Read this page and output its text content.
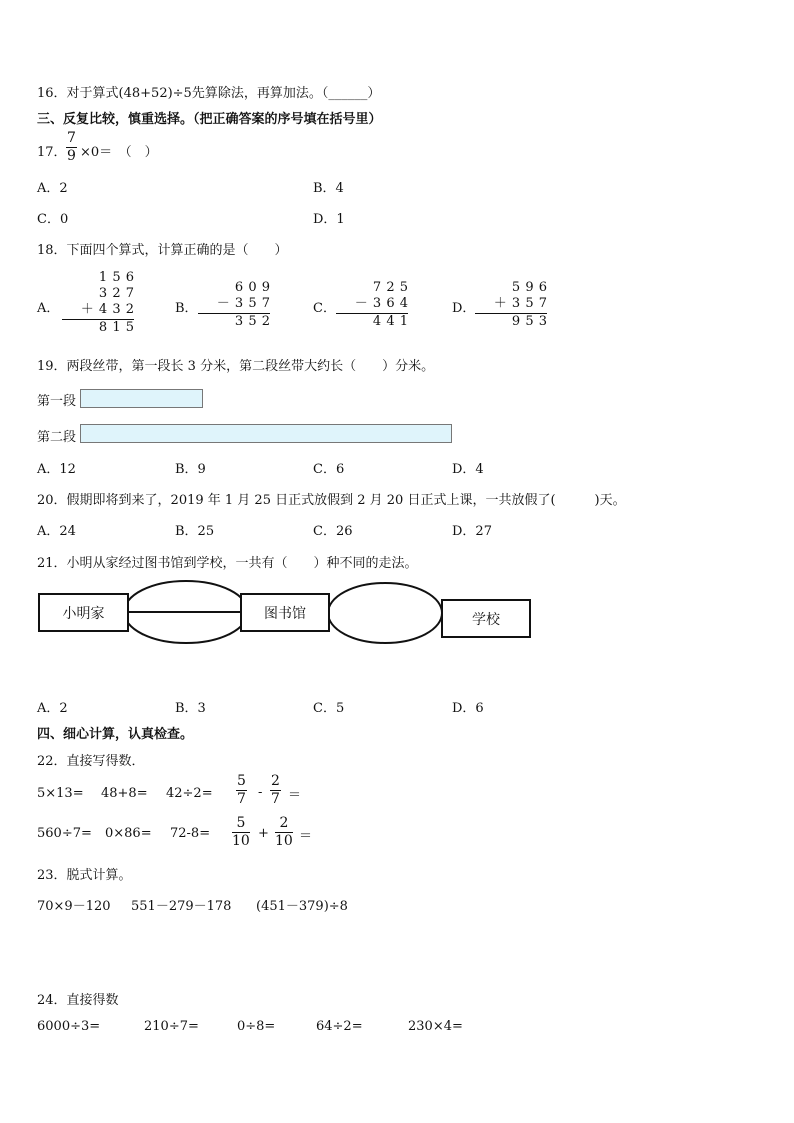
16．对于算式(48+52)÷5先算除法，再算加法。（______）
三、反复比较，慎重选择。（把正确答案的序号填在括号里）
17． $\frac{7}{9} \times 0=$　（　）
A．2	B．4
C．0	D．1
18．下面四个算式，计算正确的是（　　）
A．
1 5 6
3 2 7
＋ 4 3 2
8 1 5
B．
6 0 9
－ 3 5 7
3 5 2
C．
7 2 5
－ 3 6 4
4 4 1
D．
5 9 6
＋ 3 5 7
9 5 3
19．两段丝带，第一段长 3 分米，第二段丝带大约长（　　）分米。
第一段
第二段
A．12	B．9	C．6	D．4
20．假期即将到来了，2019 年 1 月 25 日正式放假到 2 月 20 日正式上课，一共放假了(　　　)天。
A．24	B．25	C．26	D．27
21．小明从家经过图书馆到学校，一共有（　　）种不同的走法。
小明家	图书馆	学校
A．2	B．3	C．5	D．6
四、细心计算，认真检查。
22．直接写得数．
$5\times 13= 48+8= 42\div 2= \frac{5}{7} - \frac{2}{7}$ ＝
$560\div 7= 0\times 86= 72-8= \frac{5}{10} + \frac{2}{10}$ ＝
23．脱式计算。
70×9－120 551－279－178 (451－379)÷8
24．直接得数
6000÷3=	210÷7=	0÷8=	64÷2=	230×4=
